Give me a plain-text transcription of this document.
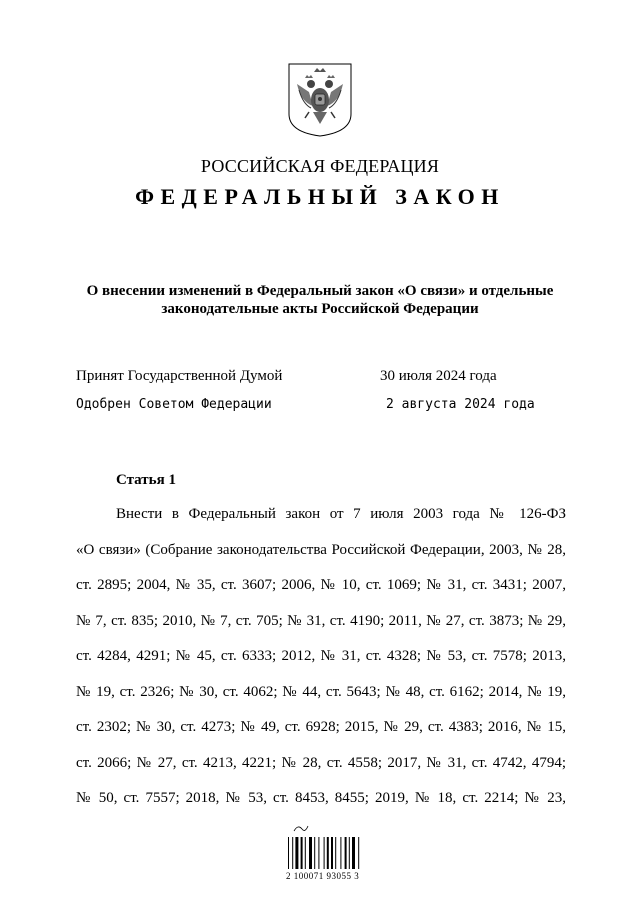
РОССИЙСКАЯ ФЕДЕРАЦИЯ
ФЕДЕРАЛЬНЫЙ ЗАКОН
О внесении изменений в Федеральный закон «О связи» и отдельные
законодательные акты Российской Федерации
Принят Государственной Думой	30 июля 2024 года
Одобрен Советом Федерации	2 августа 2024 года
Статья 1
Внести в Федеральный закон от 7 июля 2003 года № 126-ФЗ
«О связи» (Собрание законодательства Российской Федерации, 2003, № 28,
ст. 2895; 2004, № 35, ст. 3607; 2006, № 10, ст. 1069; № 31, ст. 3431; 2007,
№ 7, ст. 835; 2010, № 7, ст. 705; № 31, ст. 4190; 2011, № 27, ст. 3873; № 29,
ст. 4284, 4291; № 45, ст. 6333; 2012, № 31, ст. 4328; № 53, ст. 7578; 2013,
№ 19, ст. 2326; № 30, ст. 4062; № 44, ст. 5643; № 48, ст. 6162; 2014, № 19,
ст. 2302; № 30, ст. 4273; № 49, ст. 6928; 2015, № 29, ст. 4383; 2016, № 15,
ст. 2066; № 27, ст. 4213, 4221; № 28, ст. 4558; 2017, № 31, ст. 4742, 4794;
№ 50, ст. 7557; 2018, № 53, ст. 8453, 8455; 2019, № 18, ст. 2214; № 23,
2 100071 93055 3
